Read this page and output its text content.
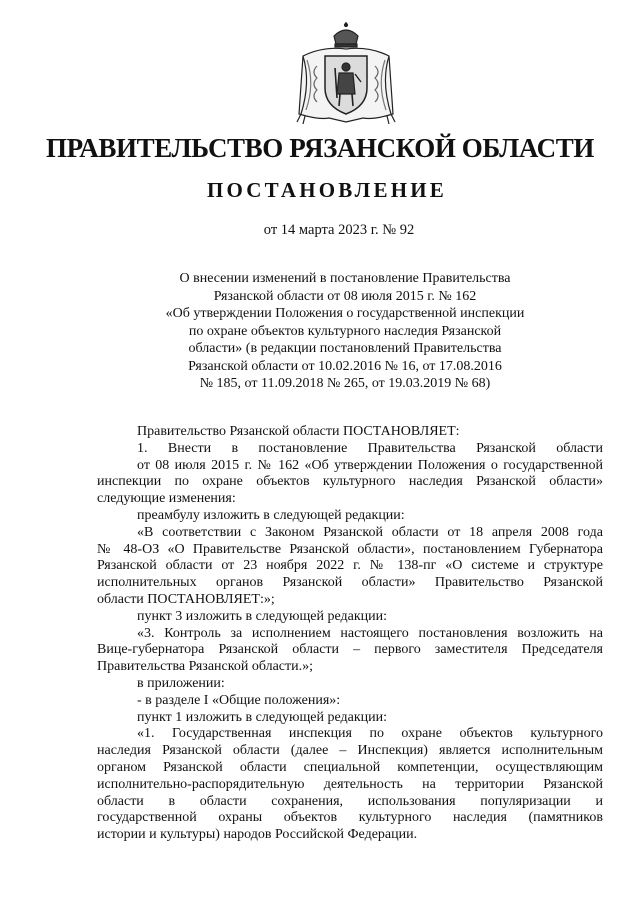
ПРАВИТЕЛЬСТВО РЯЗАНСКОЙ ОБЛАСТИ
ПОСТАНОВЛЕНИЕ
от 14 марта 2023 г. № 92
О внесении изменений в постановление Правительства
Рязанской области от 08 июля 2015 г. № 162
«Об утверждении Положения о государственной инспекции
по охране объектов культурного наследия Рязанской
области» (в редакции постановлений Правительства
Рязанской области от 10.02.2016 № 16, от 17.08.2016
№ 185, от 11.09.2018 № 265, от 19.03.2019 № 68)

Правительство Рязанской области ПОСТАНОВЛЯЕТ:

1. Внести в постановление Правительства Рязанской области
от 08 июля 2015 г. № 162 «Об утверждении Положения о государственной
инспекции по охране объектов культурного наследия Рязанской области»
следующие изменения:

преамбулу изложить в следующей редакции:

«В соответствии с Законом Рязанской области от 18 апреля 2008 года
№ 48-ОЗ «О Правительстве Рязанской области», постановлением Губернатора
Рязанской области от 23 ноября 2022 г. № 138-пг «О системе и структуре
исполнительных органов Рязанской области» Правительство Рязанской
области ПОСТАНОВЛЯЕТ:»;

пункт 3 изложить в следующей редакции:

«3. Контроль за исполнением настоящего постановления возложить на
Вице-губернатора Рязанской области – первого заместителя Председателя
Правительства Рязанской области.»;

в приложении:

- в разделе I «Общие положения»:

пункт 1 изложить в следующей редакции:

«1. Государственная инспекция по охране объектов культурного
наследия Рязанской области (далее – Инспекция) является исполнительным
органом Рязанской области специальной компетенции, осуществляющим
исполнительно-распорядительную деятельность на территории Рязанской
области в области сохранения, использования популяризации и
государственной охраны объектов культурного наследия (памятников
истории и культуры) народов Российской Федерации.
